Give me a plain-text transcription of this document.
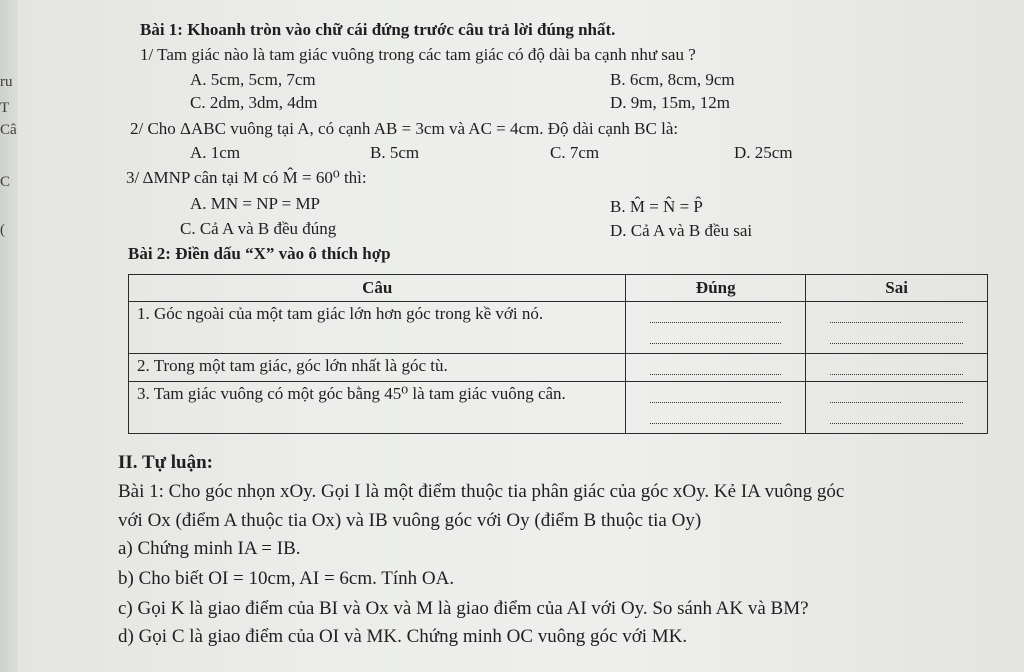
ru
T
Câ
C
(
Bài 1: Khoanh tròn vào chữ cái đứng trước câu trả lời đúng nhất.
1/ Tam giác nào là tam giác vuông trong các tam giác có độ dài ba cạnh như sau ?
A. 5cm, 5cm, 7cm	B. 6cm, 8cm, 9cm
C. 2dm, 3dm, 4dm	D. 9m, 15m, 12m
2/ Cho ΔABC vuông tại A, có cạnh AB = 3cm và AC = 4cm. Độ dài cạnh BC là:
A. 1cm	B. 5cm	C. 7cm	D. 25cm
3/ ΔMNP cân tại M có M̂ = 60⁰ thì:
A. MN = NP = MP	B. M̂ = N̂ = P̂
C. Cả A và B đều đúng	D. Cả A và B đều sai
Bài 2: Điền dấu “X” vào ô thích hợp
Câu	Đúng	Sai
1. Góc ngoài của một tam giác lớn hơn góc trong kề với nó.	

2. Trong một tam giác, góc lớn nhất là góc tù.	

3. Tam giác vuông có một góc bằng 45⁰ là tam giác vuông cân.	

II. Tự luận:
Bài 1: Cho góc nhọn xOy. Gọi I là một điểm thuộc tia phân giác của góc xOy. Kẻ IA vuông góc
với Ox (điểm A thuộc tia Ox) và IB vuông góc với Oy (điểm B thuộc tia Oy)
a) Chứng minh IA = IB.
b) Cho biết OI = 10cm, AI = 6cm. Tính OA.
c) Gọi K là giao điểm của BI và Ox và M là giao điểm của AI với Oy. So sánh AK và BM?
d) Gọi C là giao điểm của OI và MK. Chứng minh OC vuông góc với MK.
